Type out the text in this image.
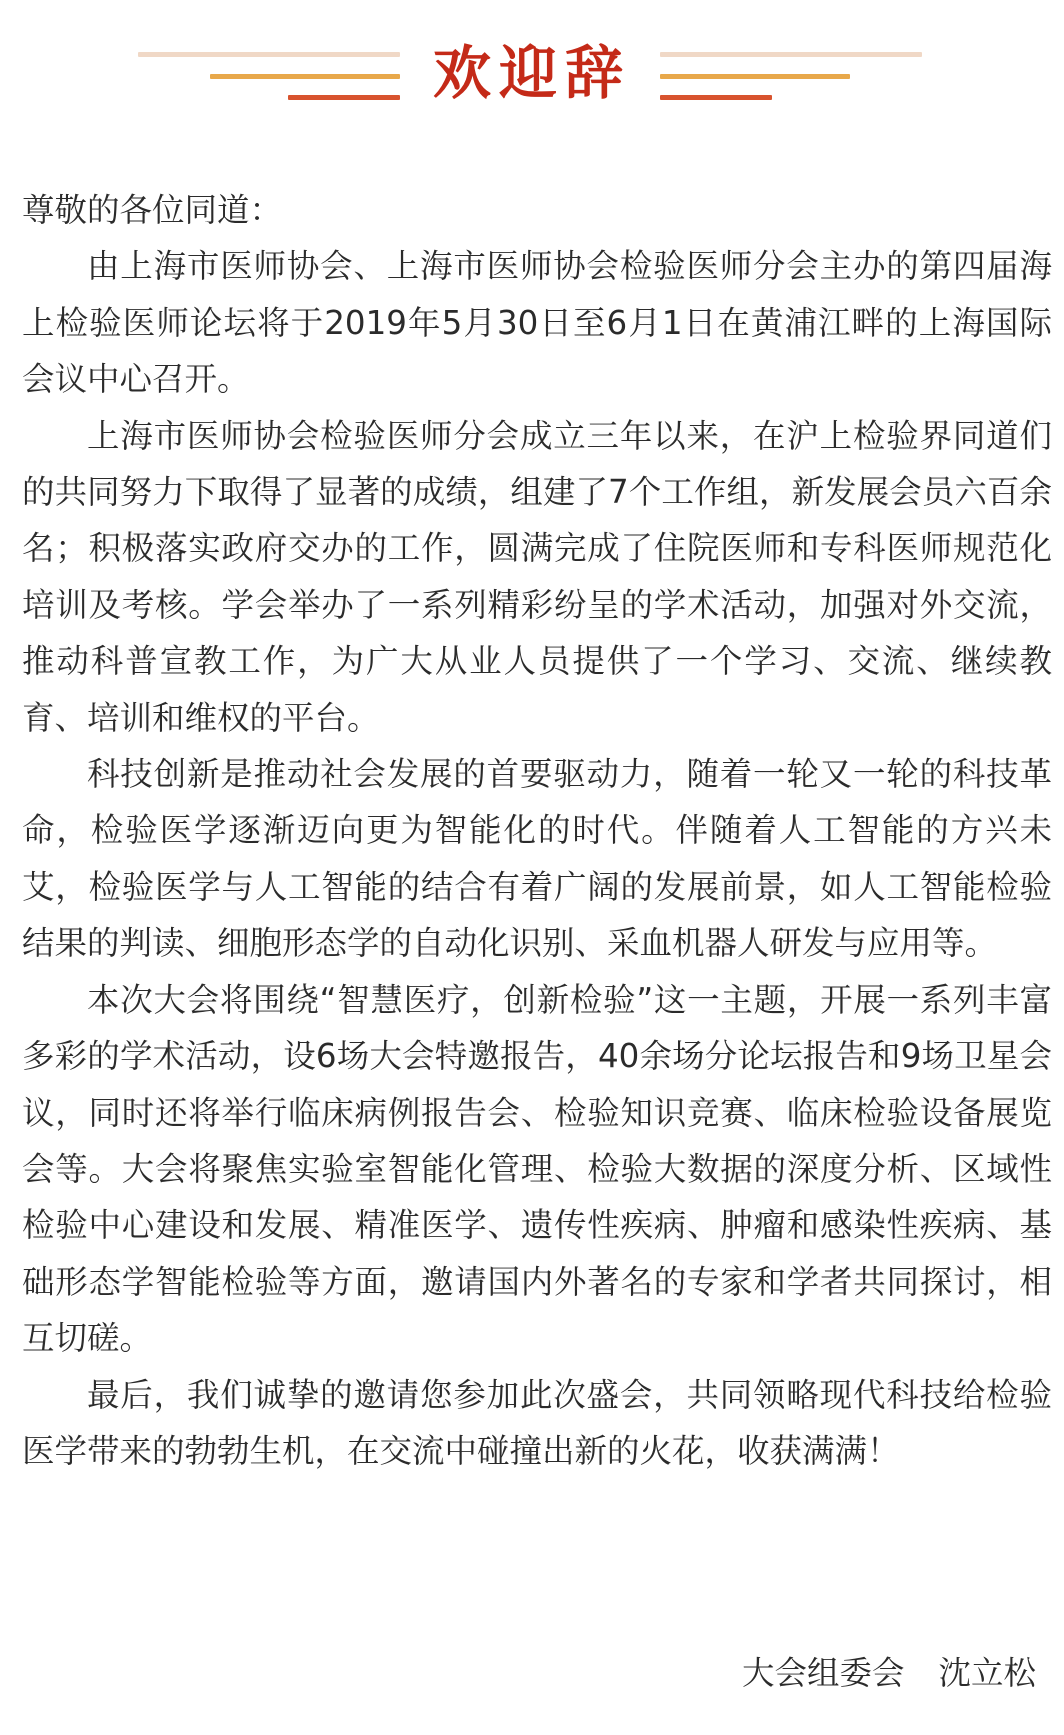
欢迎辞

尊敬的各位同道：

由上海市医师协会、上海市医师协会检验医师分会主办的第四届海上检验医师论坛将于2019年5月30日至6月1日在黄浦江畔的上海国际会议中心召开。

上海市医师协会检验医师分会成立三年以来，在沪上检验界同道们的共同努力下取得了显著的成绩，组建了7个工作组，新发展会员六百余名；积极落实政府交办的工作，圆满完成了住院医师和专科医师规范化培训及考核。学会举办了一系列精彩纷呈的学术活动，加强对外交流，推动科普宣教工作，为广大从业人员提供了一个学习、交流、继续教育、培训和维权的平台。

科技创新是推动社会发展的首要驱动力，随着一轮又一轮的科技革命，检验医学逐渐迈向更为智能化的时代。伴随着人工智能的方兴未艾，检验医学与人工智能的结合有着广阔的发展前景，如人工智能检验结果的判读、细胞形态学的自动化识别、采血机器人研发与应用等。

本次大会将围绕“智慧医疗，创新检验”这一主题，开展一系列丰富多彩的学术活动，设6场大会特邀报告，40余场分论坛报告和9场卫星会议，同时还将举行临床病例报告会、检验知识竞赛、临床检验设备展览会等。大会将聚焦实验室智能化管理、检验大数据的深度分析、区域性检验中心建设和发展、精准医学、遗传性疾病、肿瘤和感染性疾病、基础形态学智能检验等方面，邀请国内外著名的专家和学者共同探讨，相互切磋。

最后，我们诚挚的邀请您参加此次盛会，共同领略现代科技给检验医学带来的勃勃生机，在交流中碰撞出新的火花，收获满满！

大会组委会 沈立松
